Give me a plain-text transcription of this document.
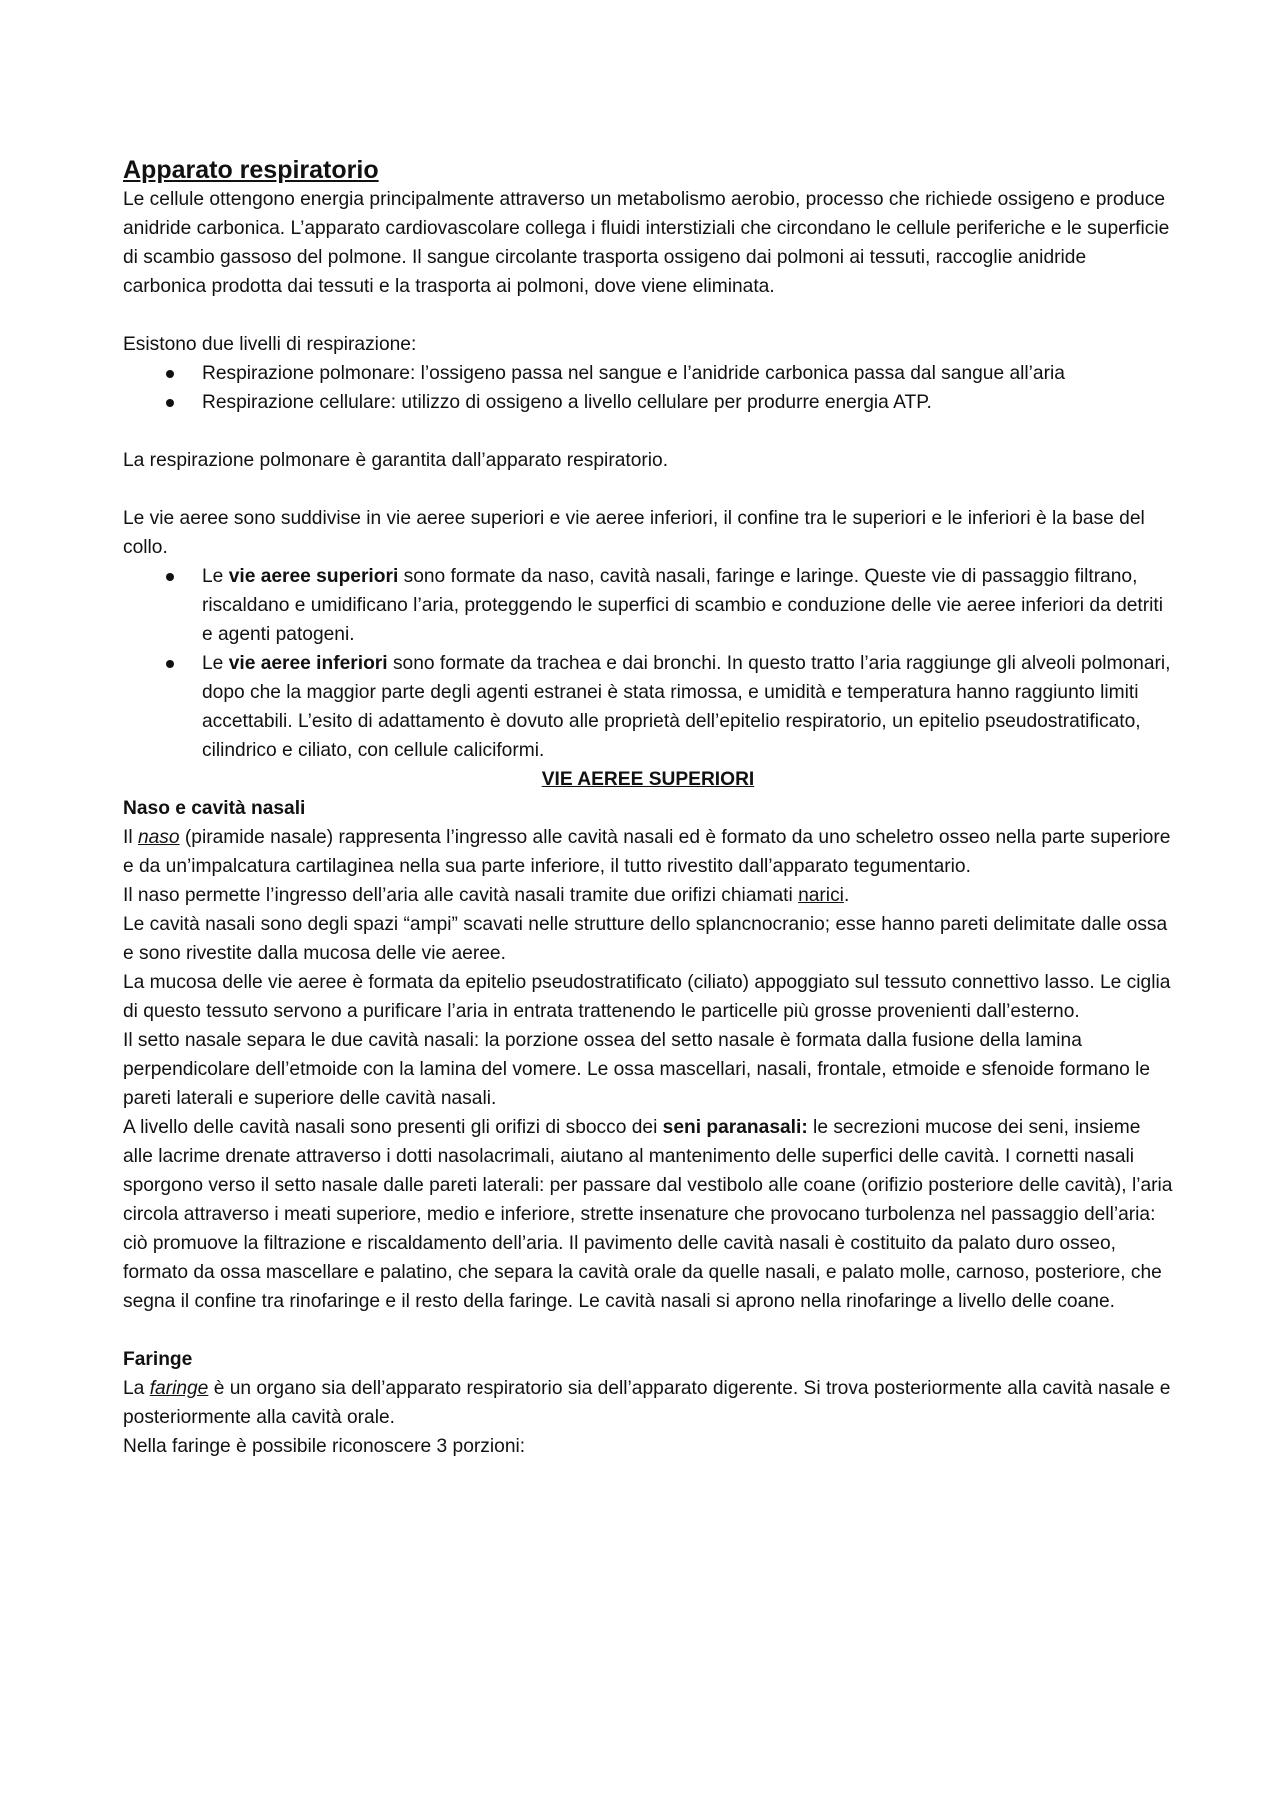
Apparato respiratorio

Le cellule ottengono energia principalmente attraverso un metabolismo aerobio, processo che richiede ossigeno e produce anidride carbonica. L’apparato cardiovascolare collega i fluidi interstiziali che circondano le cellule periferiche e le superficie di scambio gassoso del polmone. Il sangue circolante trasporta ossigeno dai polmoni ai tessuti, raccoglie anidride carbonica prodotta dai tessuti e la trasporta ai polmoni, dove viene eliminata.

Esistono due livelli di respirazione:

Respirazione polmonare: l’ossigeno passa nel sangue e l’anidride carbonica passa dal sangue all’aria
Respirazione cellulare: utilizzo di ossigeno a livello cellulare per produrre energia ATP.

La respirazione polmonare è garantita dall’apparato respiratorio.

Le vie aeree sono suddivise in vie aeree superiori e vie aeree inferiori, il confine tra le superiori e le inferiori è la base del collo.

Le vie aeree superiori sono formate da naso, cavità nasali, faringe e laringe. Queste vie di passaggio filtrano, riscaldano e umidificano l’aria, proteggendo le superfici di scambio e conduzione delle vie aeree inferiori da detriti e agenti patogeni.
Le vie aeree inferiori sono formate da trachea e dai bronchi. In questo tratto l’aria raggiunge gli alveoli polmonari, dopo che la maggior parte degli agenti estranei è stata rimossa, e umidità e temperatura hanno raggiunto limiti accettabili. L’esito di adattamento è dovuto alle proprietà dell’epitelio respiratorio, un epitelio pseudostratificato, cilindrico e ciliato, con cellule caliciformi.

VIE AEREE SUPERIORI

Naso e cavità nasali

Il naso (piramide nasale) rappresenta l’ingresso alle cavità nasali ed è formato da uno scheletro osseo nella parte superiore e da un’impalcatura cartilaginea nella sua parte inferiore, il tutto rivestito dall’apparato tegumentario.

Il naso permette l’ingresso dell’aria alle cavità nasali tramite due orifizi chiamati narici.

Le cavità nasali sono degli spazi “ampi” scavati nelle strutture dello splancnocranio; esse hanno pareti delimitate dalle ossa e sono rivestite dalla mucosa delle vie aeree.

La mucosa delle vie aeree è formata da epitelio pseudostratificato (ciliato) appoggiato sul tessuto connettivo lasso. Le ciglia di questo tessuto servono a purificare l’aria in entrata trattenendo le particelle più grosse provenienti dall’esterno.

Il setto nasale separa le due cavità nasali: la porzione ossea del setto nasale è formata dalla fusione della lamina perpendicolare dell’etmoide con la lamina del vomere. Le ossa mascellari, nasali, frontale, etmoide e sfenoide formano le pareti laterali e superiore delle cavità nasali.

A livello delle cavità nasali sono presenti gli orifizi di sbocco dei seni paranasali: le secrezioni mucose dei seni, insieme alle lacrime drenate attraverso i dotti nasolacrimali, aiutano al mantenimento delle superfici delle cavità. I cornetti nasali sporgono verso il setto nasale dalle pareti laterali: per passare dal vestibolo alle coane (orifizio posteriore delle cavità), l’aria circola attraverso i meati superiore, medio e inferiore, strette insenature che provocano turbolenza nel passaggio dell’aria: ciò promuove la filtrazione e riscaldamento dell’aria. Il pavimento delle cavità nasali è costituito da palato duro osseo, formato da ossa mascellare e palatino, che separa la cavità orale da quelle nasali, e palato molle, carnoso, posteriore, che segna il confine tra rinofaringe e il resto della faringe. Le cavità nasali si aprono nella rinofaringe a livello delle coane.

Faringe

La faringe è un organo sia dell’apparato respiratorio sia dell’apparato digerente. Si trova posteriormente alla cavità nasale e posteriormente alla cavità orale.

Nella faringe è possibile riconoscere 3 porzioni:
